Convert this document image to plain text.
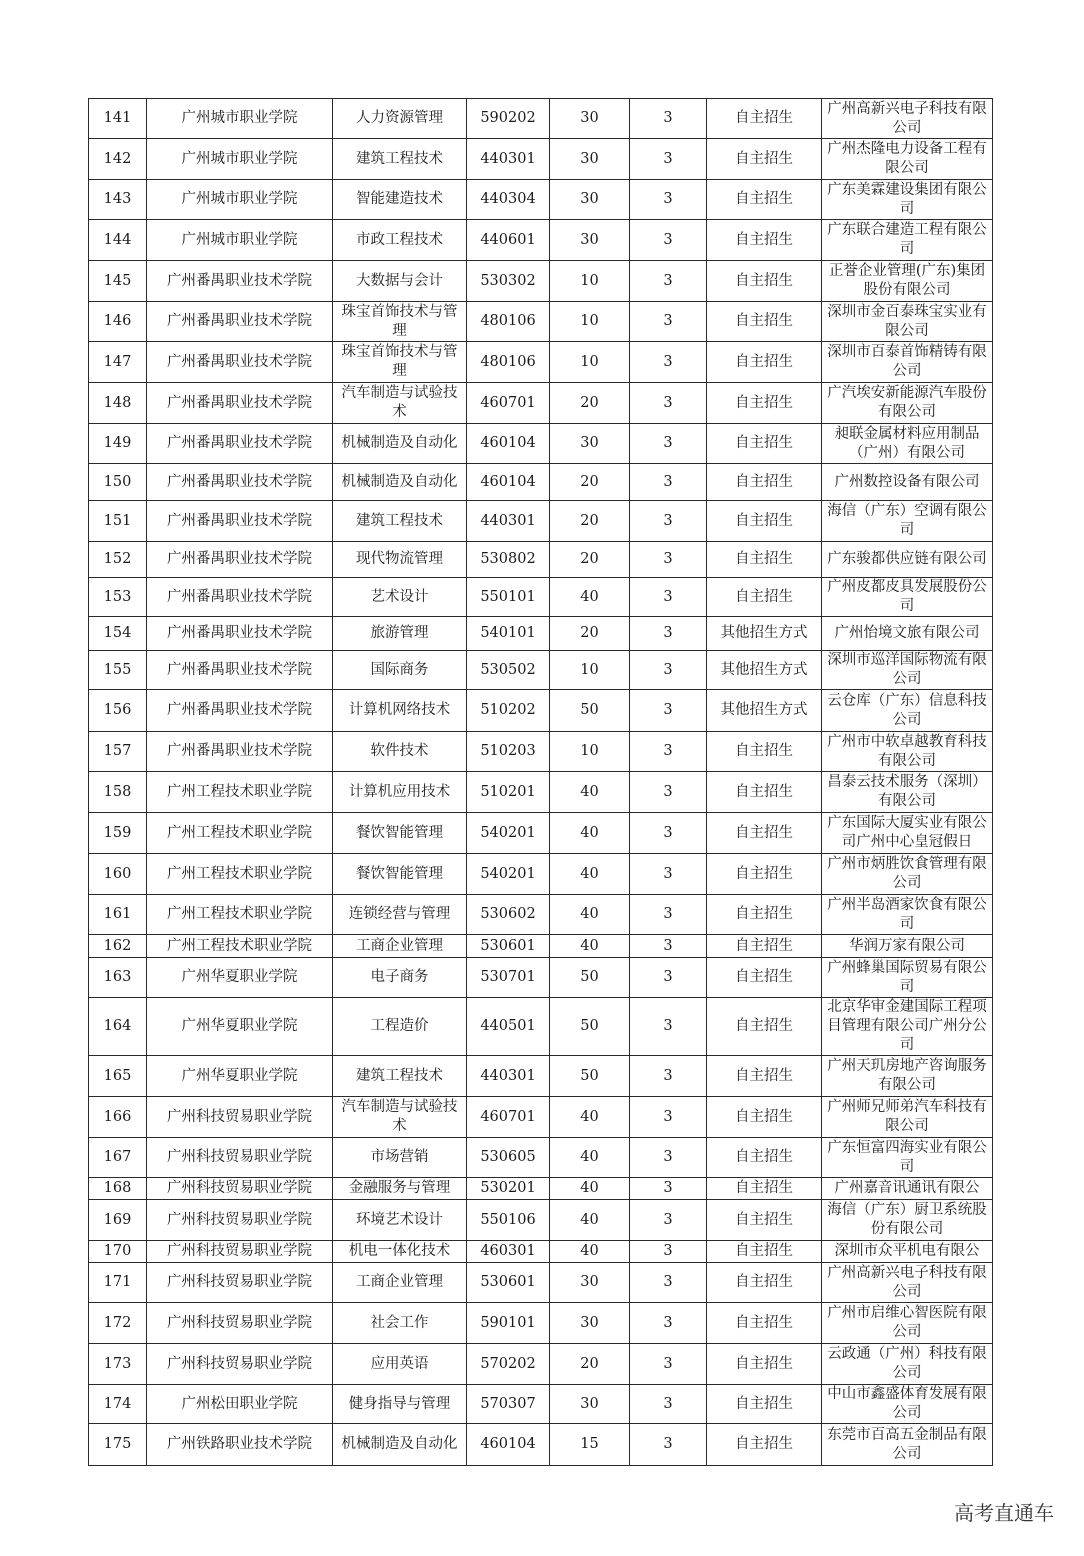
141	广州城市职业学院	人力资源管理	590202	30	3	自主招生	广州高新兴电子科技有限公司
142	广州城市职业学院	建筑工程技术	440301	30	3	自主招生	广州杰隆电力设备工程有限公司
143	广州城市职业学院	智能建造技术	440304	30	3	自主招生	广东美霖建设集团有限公司
144	广州城市职业学院	市政工程技术	440601	30	3	自主招生	广东联合建造工程有限公司
145	广州番禺职业技术学院	大数据与会计	530302	10	3	自主招生	正誉企业管理(广东)集团股份有限公司
146	广州番禺职业技术学院	珠宝首饰技术与管理	480106	10	3	自主招生	深圳市金百泰珠宝实业有限公司
147	广州番禺职业技术学院	珠宝首饰技术与管理	480106	10	3	自主招生	深圳市百泰首饰精铸有限公司
148	广州番禺职业技术学院	汽车制造与试验技术	460701	20	3	自主招生	广汽埃安新能源汽车股份有限公司
149	广州番禺职业技术学院	机械制造及自动化	460104	30	3	自主招生	昶联金属材料应用制品（广州）有限公司
150	广州番禺职业技术学院	机械制造及自动化	460104	20	3	自主招生	广州数控设备有限公司
151	广州番禺职业技术学院	建筑工程技术	440301	20	3	自主招生	海信（广东）空调有限公司
152	广州番禺职业技术学院	现代物流管理	530802	20	3	自主招生	广东骏都供应链有限公司
153	广州番禺职业技术学院	艺术设计	550101	40	3	自主招生	广州皮都皮具发展股份公司
154	广州番禺职业技术学院	旅游管理	540101	20	3	其他招生方式	广州怡境文旅有限公司
155	广州番禺职业技术学院	国际商务	530502	10	3	其他招生方式	深圳市巡洋国际物流有限公司
156	广州番禺职业技术学院	计算机网络技术	510202	50	3	其他招生方式	云仓库（广东）信息科技公司
157	广州番禺职业技术学院	软件技术	510203	10	3	自主招生	广州市中软卓越教育科技有限公司
158	广州工程技术职业学院	计算机应用技术	510201	40	3	自主招生	昌泰云技术服务（深圳）有限公司
159	广州工程技术职业学院	餐饮智能管理	540201	40	3	自主招生	广东国际大厦实业有限公司广州中心皇冠假日
160	广州工程技术职业学院	餐饮智能管理	540201	40	3	自主招生	广州市炳胜饮食管理有限公司
161	广州工程技术职业学院	连锁经营与管理	530602	40	3	自主招生	广州半岛酒家饮食有限公司
162	广州工程技术职业学院	工商企业管理	530601	40	3	自主招生	华润万家有限公司
163	广州华夏职业学院	电子商务	530701	50	3	自主招生	广州蜂巢国际贸易有限公司
164	广州华夏职业学院	工程造价	440501	50	3	自主招生	北京华审金建国际工程项目管理有限公司广州分公司
165	广州华夏职业学院	建筑工程技术	440301	50	3	自主招生	广州天玑房地产咨询服务有限公司
166	广州科技贸易职业学院	汽车制造与试验技术	460701	40	3	自主招生	广州师兄师弟汽车科技有限公司
167	广州科技贸易职业学院	市场营销	530605	40	3	自主招生	广东恒富四海实业有限公司
168	广州科技贸易职业学院	金融服务与管理	530201	40	3	自主招生	广州嘉音讯通讯有限公
169	广州科技贸易职业学院	环境艺术设计	550106	40	3	自主招生	海信（广东）厨卫系统股份有限公司
170	广州科技贸易职业学院	机电一体化技术	460301	40	3	自主招生	深圳市众平机电有限公
171	广州科技贸易职业学院	工商企业管理	530601	30	3	自主招生	广州高新兴电子科技有限公司
172	广州科技贸易职业学院	社会工作	590101	30	3	自主招生	广州市启维心智医院有限公司
173	广州科技贸易职业学院	应用英语	570202	20	3	自主招生	云政通（广州）科技有限公司
174	广州松田职业学院	健身指导与管理	570307	30	3	自主招生	中山市鑫盛体育发展有限公司
175	广州铁路职业技术学院	机械制造及自动化	460104	15	3	自主招生	东莞市百高五金制品有限公司
高考直通车
